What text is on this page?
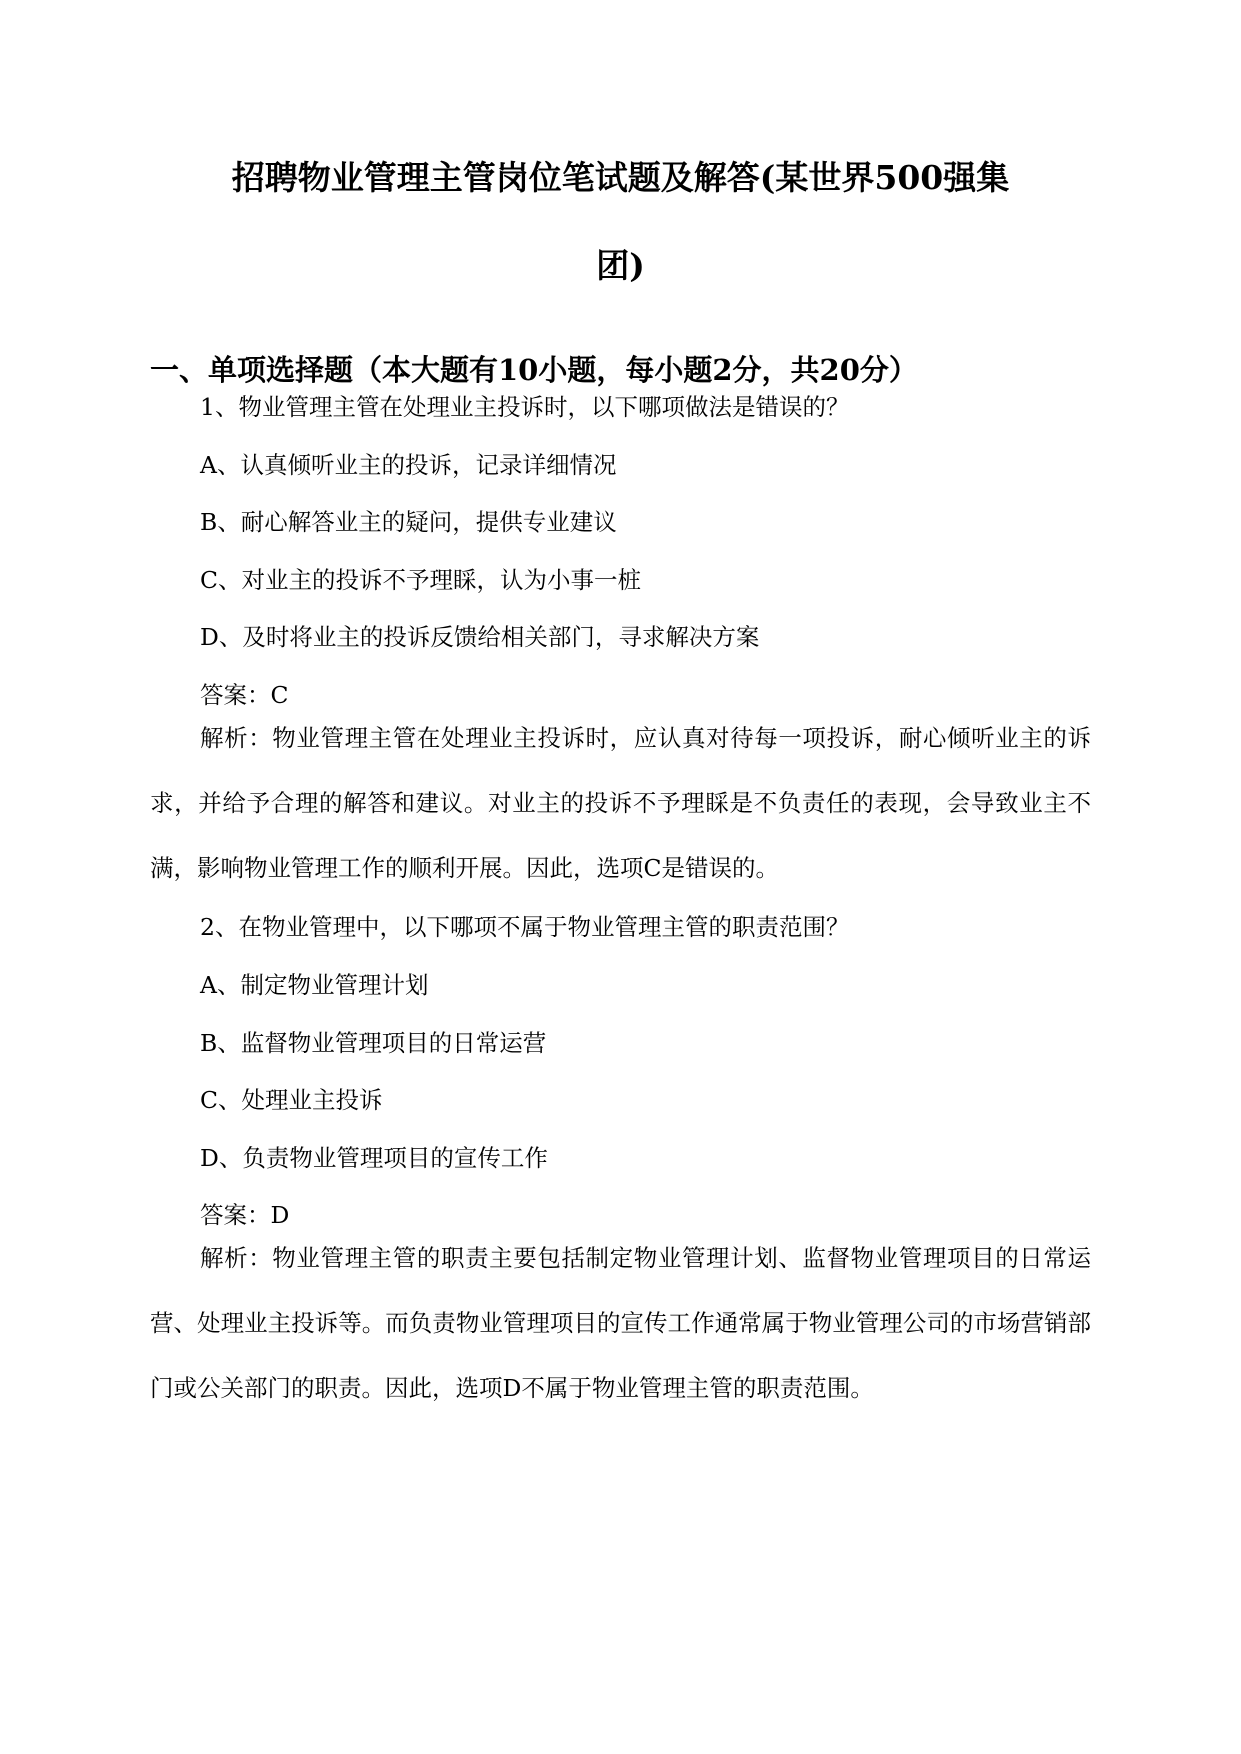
招聘物业管理主管岗位笔试题及解答(某世界500强集
团)
一、单项选择题（本大题有10小题，每小题2分，共20分）
1、物业管理主管在处理业主投诉时，以下哪项做法是错误的？
A、认真倾听业主的投诉，记录详细情况
B、耐心解答业主的疑问，提供专业建议
C、对业主的投诉不予理睬，认为小事一桩
D、及时将业主的投诉反馈给相关部门，寻求解决方案
答案：C
解析：物业管理主管在处理业主投诉时，应认真对待每一项投诉，耐心倾听业主的诉求，并给予合理的解答和建议。对业主的投诉不予理睬是不负责任的表现，会导致业主不满，影响物业管理工作的顺利开展。因此，选项C是错误的。
2、在物业管理中，以下哪项不属于物业管理主管的职责范围？
A、制定物业管理计划
B、监督物业管理项目的日常运营
C、处理业主投诉
D、负责物业管理项目的宣传工作
答案：D
解析：物业管理主管的职责主要包括制定物业管理计划、监督物业管理项目的日常运营、处理业主投诉等。而负责物业管理项目的宣传工作通常属于物业管理公司的市场营销部门或公关部门的职责。因此，选项D不属于物业管理主管的职责范围。
